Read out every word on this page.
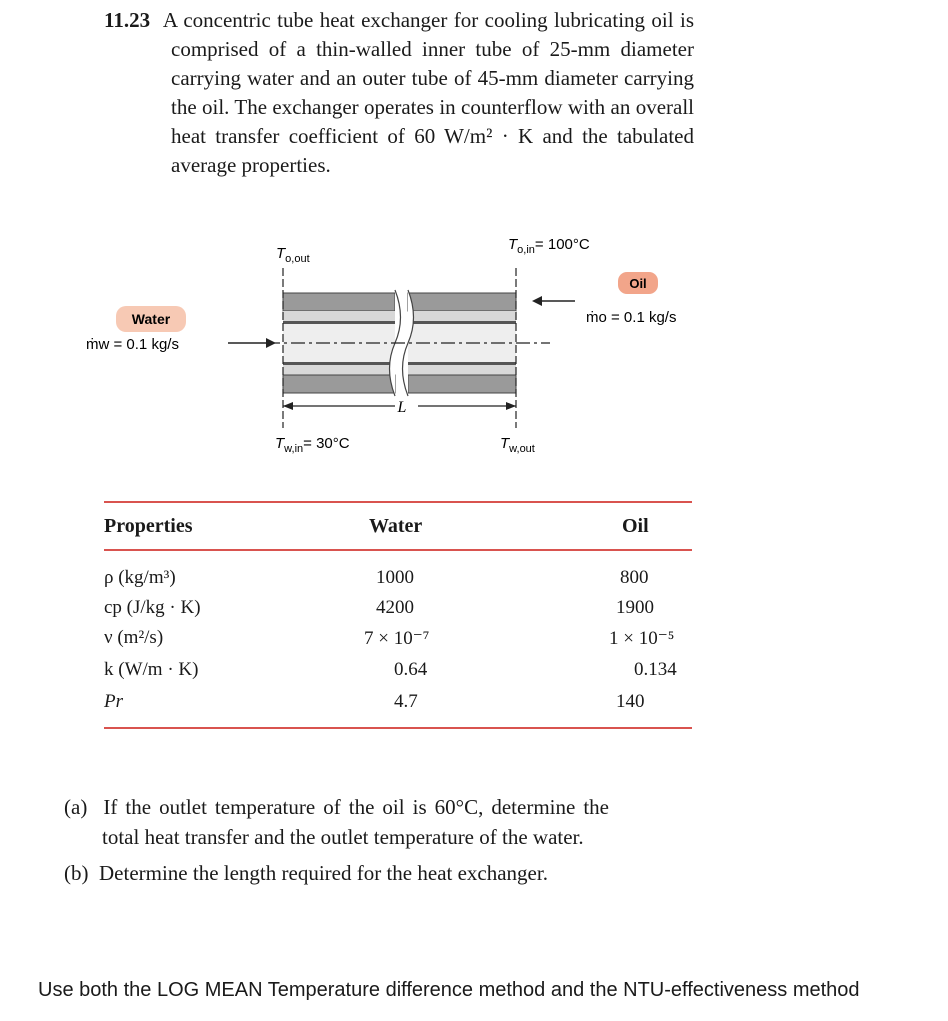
11.23 A concentric tube heat exchanger for cooling lubricating oil is comprised of a thin-walled inner tube of 25-mm diameter carrying water and an outer tube of 45-mm diameter carrying the oil. The exchanger operates in counterflow with an overall heat transfer coefficient of 60 W/m² · K and the tabulated average properties.
L
$T_{o,out}$
$T_{o,in}= 100^\circ C$
Oil
ṁo = 0.1 kg/s
Water
ṁw = 0.1 kg/s
$T_{w,in}= 30^\circ C$	$T_{w,out}$
Properties	Water	Oil
ρ (kg/m³)	1000	800
cp (J/kg · K)	4200	1900
ν (m²/s)	7 × 10⁻⁷	1 × 10⁻⁵
k (W/m · K)	0.64	0.134
Pr	4.7	140
(a) If the outlet temperature of the oil is 60°C, determine the total heat transfer and the outlet temperature of the water.
(b) Determine the length required for the heat exchanger.
Use both the LOG MEAN Temperature difference method and the NTU-effectiveness method
